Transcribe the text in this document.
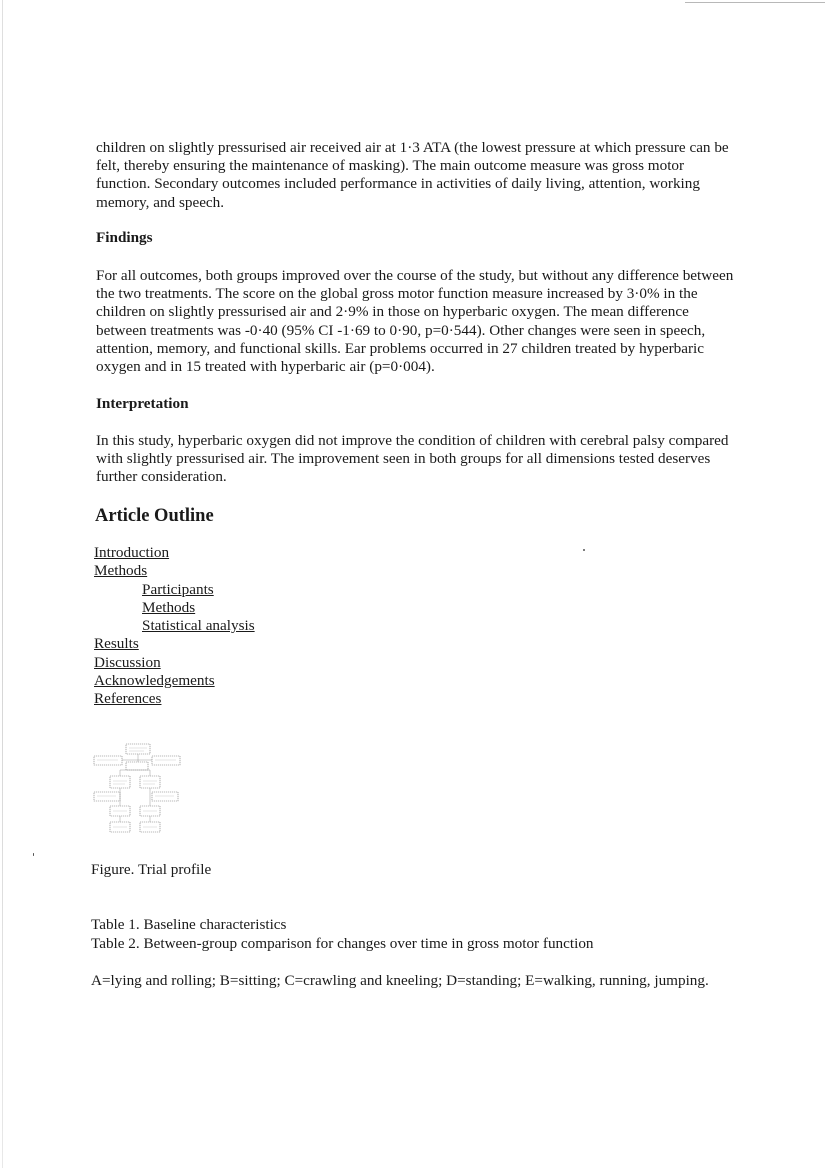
children on slightly pressurised air received air at 1·3 ATA (the lowest pressure at which pressure can be felt, thereby ensuring the maintenance of masking). The main outcome measure was gross motor function. Secondary outcomes included performance in activities of daily living, attention, working memory, and speech.

Findings

For all outcomes, both groups improved over the course of the study, but without any difference between the two treatments. The score on the global gross motor function measure increased by 3·0% in the children on slightly pressurised air and 2·9% in those on hyperbaric oxygen. The mean difference between treatments was -0·40 (95% CI -1·69 to 0·90, p=0·544). Other changes were seen in speech, attention, memory, and functional skills. Ear problems occurred in 27 children treated by hyperbaric oxygen and in 15 treated with hyperbaric air (p=0·004).

Interpretation

In this study, hyperbaric oxygen did not improve the condition of children with cerebral palsy compared with slightly pressurised air. The improvement seen in both groups for all dimensions tested deserves further consideration.

Article Outline
Introduction
Methods
Participants
Methods
Statistical analysis
Results
Discussion
Acknowledgements
References

Figure. Trial profile

Table 1. Baseline characteristics

Table 2. Between-group comparison for changes over time in gross motor function

A=lying and rolling; B=sitting; C=crawling and kneeling; D=standing; E=walking, running, jumping.
